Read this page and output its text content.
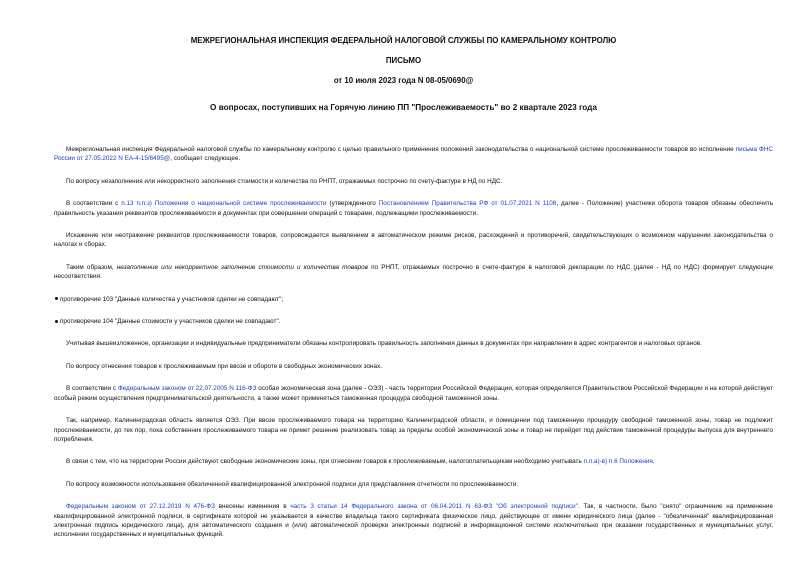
МЕЖРЕГИОНАЛЬНАЯ ИНСПЕКЦИЯ ФЕДЕРАЛЬНОЙ НАЛОГОВОЙ СЛУЖБЫ ПО КАМЕРАЛЬНОМУ КОНТРОЛЮ
ПИСЬМО
от 10 июля 2023 года N 08-05/0690@
О вопросах, поступивших на Горячую линию ПП "Прослеживаемость" во 2 квартале 2023 года

Межрегиональная инспекция Федеральной налоговой службы по камеральному контролю с целью правильного применения положений законодательства о национальной системе прослеживаемости товаров во исполнение письма ФНС России от 27.05.2022 N ЕА-4-15/6495@, сообщает следующее.

По вопросу незаполнения или некорректного заполнения стоимости и количества по РНПТ, отражаемых построчно по счету-фактуре в НД по НДС.

В соответствии с п.13 п.п.з) Положения о национальной системе прослеживаемости (утвержденного Постановлением Правительства РФ от 01.07.2021 N 1108, далее - Положение) участники оборота товаров обязаны обеспечить правильность указания реквизитов прослеживаемости в документах при совершении операций с товарами, подлежащими прослеживаемости.

Искажение или неотражение реквизитов прослеживаемости товаров, сопровождается выявлением в автоматическом режиме рисков, расхождений и противоречий, свидетельствующих о возможном нарушении законодательства о налогах и сборах.

Таким образом, незаполнение или некорректное заполнение стоимости и количества товаров по РНПТ, отражаемых построчно в счете-фактуре в налоговой декларации по НДС (далее - НД по НДС) формирует следующие несоответствия:

противоречие 103 "Данные количества у участников сделки не совпадают";

противоречие 104 "Данные стоимости у участников сделки не совпадают".

Учитывая вышеизложенное, организации и индивидуальные предприниматели обязаны контролировать правильность заполнения данных в документах при направлении в адрес контрагентов и налоговых органов.

По вопросу отнесения товаров к прослеживаемым при ввозе и обороте в свободных экономических зонах.

В соответствии с Федеральным законом от 22.07.2005 N 116-ФЗ особая экономическая зона (далее - ОЭЗ) - часть территории Российской Федерации, которая определяется Правительством Российской Федерации и на которой действует особый режим осуществления предпринимательской деятельности, а также может применяться таможенная процедура свободной таможенной зоны.

Так, например, Калининградская область является ОЭЗ. При ввозе прослеживаемого товара на территорию Калининградской области, и помещении под таможенную процедуру свободной таможенной зоны, товар не подлежит прослеживаемости, до тех пор, пока собственник прослеживаемого товара не примет решение реализовать товар за пределы особой экономической зоны и товар не перейдет под действие таможенной процедуры выпуска для внутреннего потребления.

В связи с тем, что на территории России действуют свободные экономические зоны, при отнесении товаров к прослеживаемым, налогоплательщикам необходимо учитывать п.п.а)-в) п.6 Положения.

По вопросу возможности использования обезличенной квалифицированной электронной подписи для представления отчетности по прослеживаемости.

Федеральным законом от 27.12.2019 N 476-ФЗ внесены изменения в часть 3 статьи 14 Федерального закона от 06.04.2011 N 63-ФЗ "Об электронной подписи". Так, в частности, было "снято" ограничение на применение квалифицированной электронной подписи, в сертификате которой не указывается в качестве владельца такого сертификата физическое лицо, действующее от имени юридического лица (далее - "обезличенная" квалифицированная электронная подпись юридического лица), для автоматического создания и (или) автоматической проверки электронных подписей в информационной системе исключительно при оказании государственных и муниципальных услуг, исполнении государственных и муниципальных функций.
